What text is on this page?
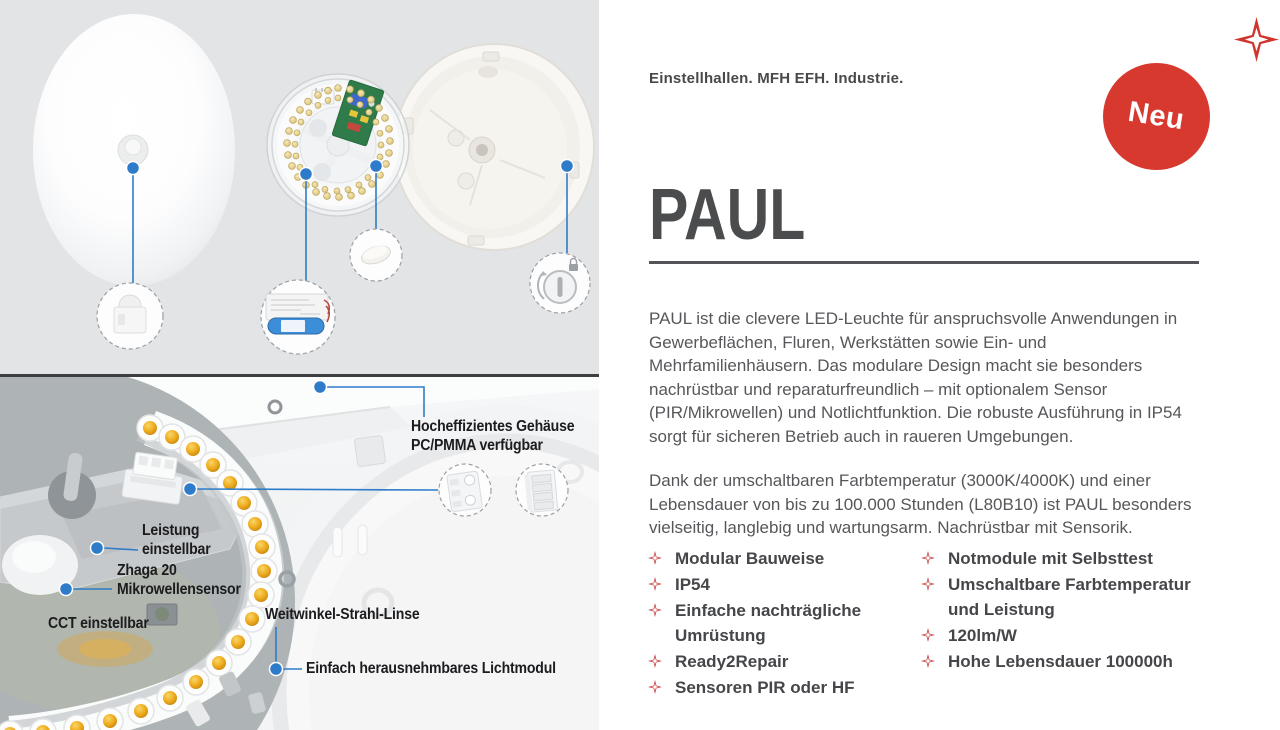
Hocheffizientes Gehäuse
PC/PMMA verfügbar
Leistung
einstellbar
Zhaga 20
Mikrowellensensor
CCT einstellbar
Weitwinkel-Strahl-Linse
Einfach herausnehmbares Lichtmodul
Einstellhallen. MFH EFH. Industrie.
Neu
PAUL

PAUL ist die clevere LED-Leuchte für anspruchsvolle Anwendungen in Gewerbeflächen, Fluren, Werkstätten sowie Ein- und Mehrfamilienhäusern. Das modulare Design macht sie besonders nachrüstbar und reparaturfreundlich – mit optionalem Sensor (PIR/Mikrowellen) und Notlichtfunktion. Die robuste Ausführung in IP54 sorgt für sicheren Betrieb auch in raueren Umgebungen.

Dank der umschaltbaren Farbtemperatur (3000K/4000K) und einer Lebensdauer von bis zu 100.000 Stunden (L80B10) ist PAUL besonders vielseitig, langlebig und wartungsarm. Nachrüstbar mit Sensorik.

Modular Bauweise
IP54
Einfache nachträgliche Umrüstung
Ready2Repair
Sensoren PIR oder HF
Notmodule mit Selbsttest
Umschaltbare Farbtemperatur und Leistung
120lm/W
Hohe Lebensdauer 100000h
